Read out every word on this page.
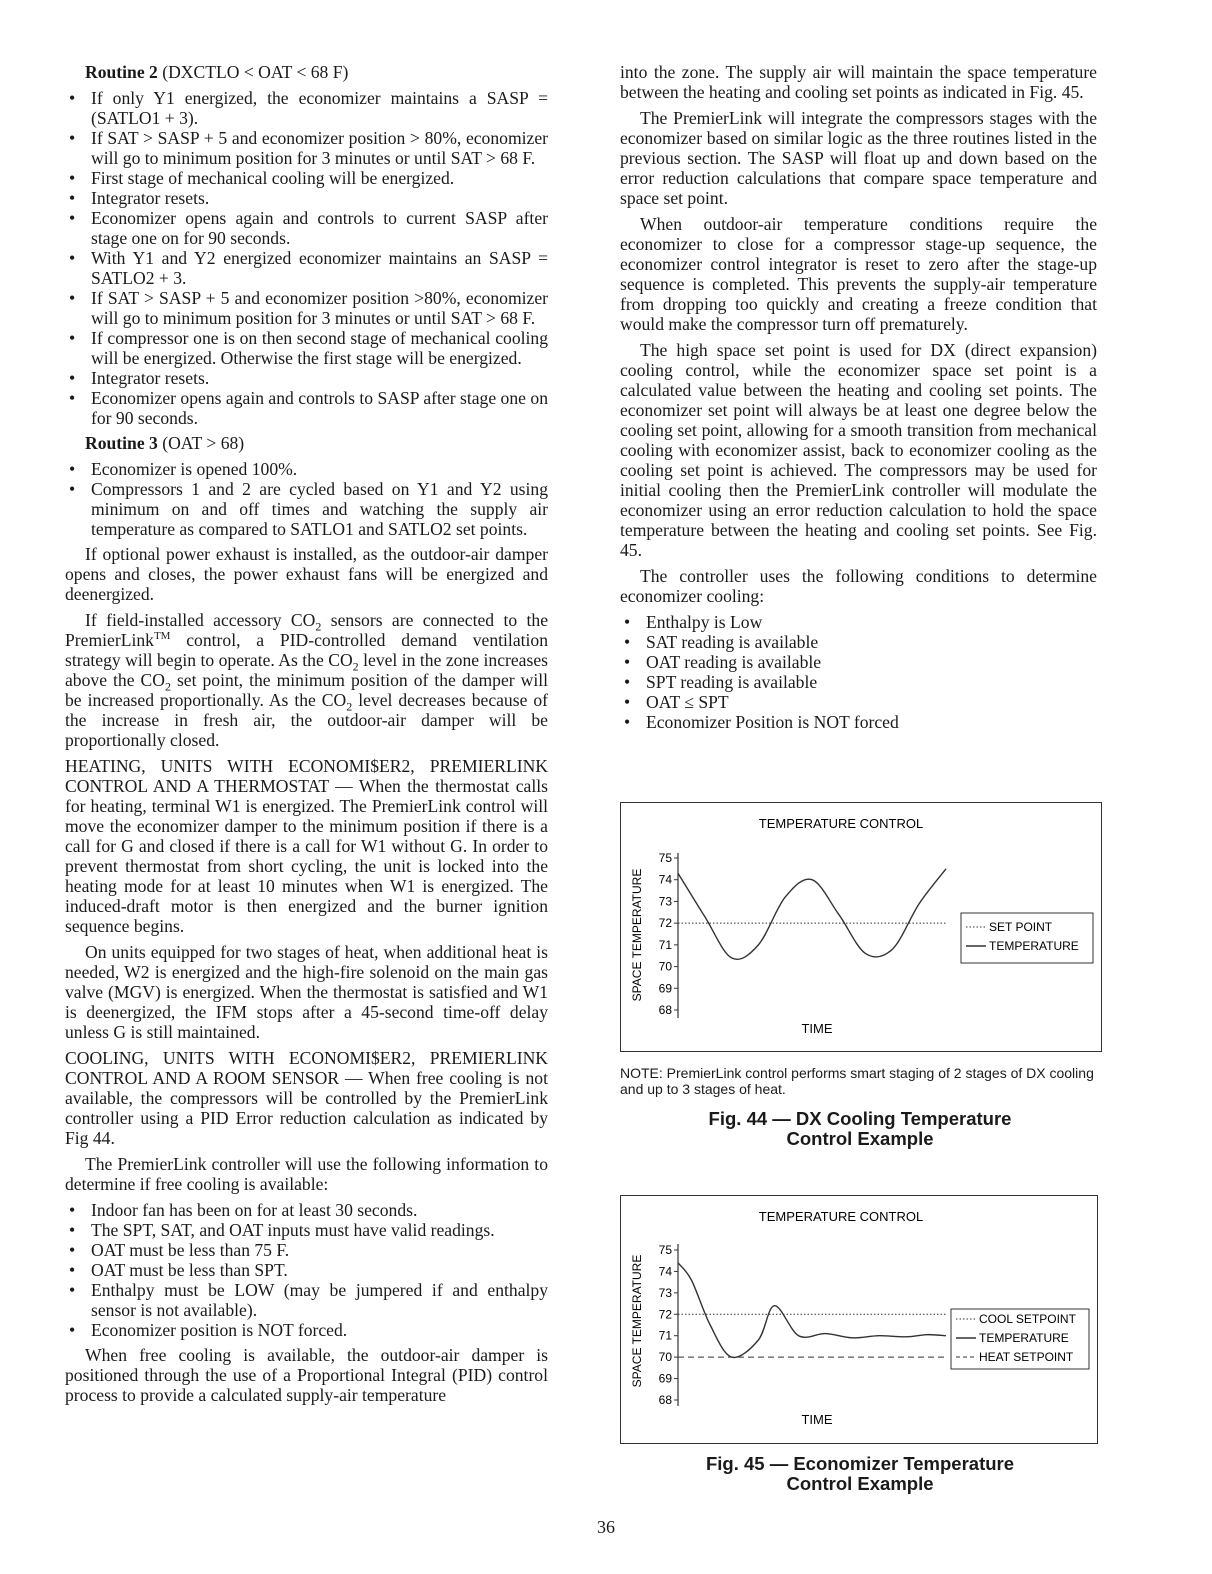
Routine 2 (DXCTLO < OAT < 68 F)

• If only Y1 energized, the economizer maintains a SASP = (SATLO1 + 3).
• If SAT > SASP + 5 and economizer position > 80%, economizer will go to minimum position for 3 minutes or until SAT > 68 F.
• First stage of mechanical cooling will be energized.
• Integrator resets.
• Economizer opens again and controls to current SASP after stage one on for 90 seconds.
• With Y1 and Y2 energized economizer maintains an SASP = SATLO2 + 3.
• If SAT > SASP + 5 and economizer position >80%, economizer will go to minimum position for 3 minutes or until SAT > 68 F.
• If compressor one is on then second stage of mechanical cooling will be energized. Otherwise the first stage will be energized.
• Integrator resets.
• Economizer opens again and controls to SASP after stage one on for 90 seconds.

Routine 3 (OAT > 68)

• Economizer is opened 100%.
• Compressors 1 and 2 are cycled based on Y1 and Y2 using minimum on and off times and watching the supply air temperature as compared to SATLO1 and SATLO2 set points.

If optional power exhaust is installed, as the outdoor-air damper opens and closes, the power exhaust fans will be energized and deenergized.

If field-installed accessory $CO_2$ sensors are connected to the PremierLink™ control, a PID-controlled demand ventilation strategy will begin to operate. As the $CO_2$ level in the zone increases above the $CO_2$ set point, the minimum position of the damper will be increased proportionally. As the $CO_2$ level decreases because of the increase in fresh air, the outdoor-air damper will be proportionally closed.

HEATING, UNITS WITH ECONOMI$ER2, PREMIERLINK CONTROL AND A THERMOSTAT — When the thermostat calls for heating, terminal W1 is energized. The PremierLink control will move the economizer damper to the minimum position if there is a call for G and closed if there is a call for W1 without G. In order to prevent thermostat from short cycling, the unit is locked into the heating mode for at least 10 minutes when W1 is energized. The induced-draft motor is then energized and the burner ignition sequence begins.

On units equipped for two stages of heat, when additional heat is needed, W2 is energized and the high-fire solenoid on the main gas valve (MGV) is energized. When the thermostat is satisfied and W1 is deenergized, the IFM stops after a 45-second time-off delay unless G is still maintained.

COOLING, UNITS WITH ECONOMI$ER2, PREMIERLINK CONTROL AND A ROOM SENSOR — When free cooling is not available, the compressors will be controlled by the PremierLink controller using a PID Error reduction calculation as indicated by Fig 44.

The PremierLink controller will use the following information to determine if free cooling is available:

• Indoor fan has been on for at least 30 seconds.
• The SPT, SAT, and OAT inputs must have valid readings.
• OAT must be less than 75 F.
• OAT must be less than SPT.
• Enthalpy must be LOW (may be jumpered if and enthalpy sensor is not available).
• Economizer position is NOT forced.

When free cooling is available, the outdoor-air damper is positioned through the use of a Proportional Integral (PID) control process to provide a calculated supply-air temperature

into the zone. The supply air will maintain the space temperature between the heating and cooling set points as indicated in Fig. 45.

The PremierLink will integrate the compressors stages with the economizer based on similar logic as the three routines listed in the previous section. The SASP will float up and down based on the error reduction calculations that compare space temperature and space set point.

When outdoor-air temperature conditions require the economizer to close for a compressor stage-up sequence, the economizer control integrator is reset to zero after the stage-up sequence is completed. This prevents the supply-air temperature from dropping too quickly and creating a freeze condition that would make the compressor turn off prematurely.

The high space set point is used for DX (direct expansion) cooling control, while the economizer space set point is a calculated value between the heating and cooling set points. The economizer set point will always be at least one degree below the cooling set point, allowing for a smooth transition from mechanical cooling with economizer assist, back to economizer cooling as the cooling set point is achieved. The compressors may be used for initial cooling then the PremierLink controller will modulate the economizer using an error reduction calculation to hold the space temperature between the heating and cooling set points. See Fig. 45.

The controller uses the following conditions to determine economizer cooling:

• Enthalpy is Low
• SAT reading is available
• OAT reading is available
• SPT reading is available
• OAT ≤ SPT
• Economizer Position is NOT forced
TEMPERATURE CONTROL
SPACE TEMPERATURE
75
74
73
72
71
70
69
68
TIME
SET POINT
TEMPERATURE
NOTE: PremierLink control performs smart staging of 2 stages of DX cooling and up to 3 stages of heat.
Fig. 44 — DX Cooling Temperature
Control Example
TEMPERATURE CONTROL
SPACE TEMPERATURE
75
74
73
72
71
70
69
68
TIME
COOL SETPOINT
TEMPERATURE
HEAT SETPOINT
Fig. 45 — Economizer Temperature
Control Example
36
